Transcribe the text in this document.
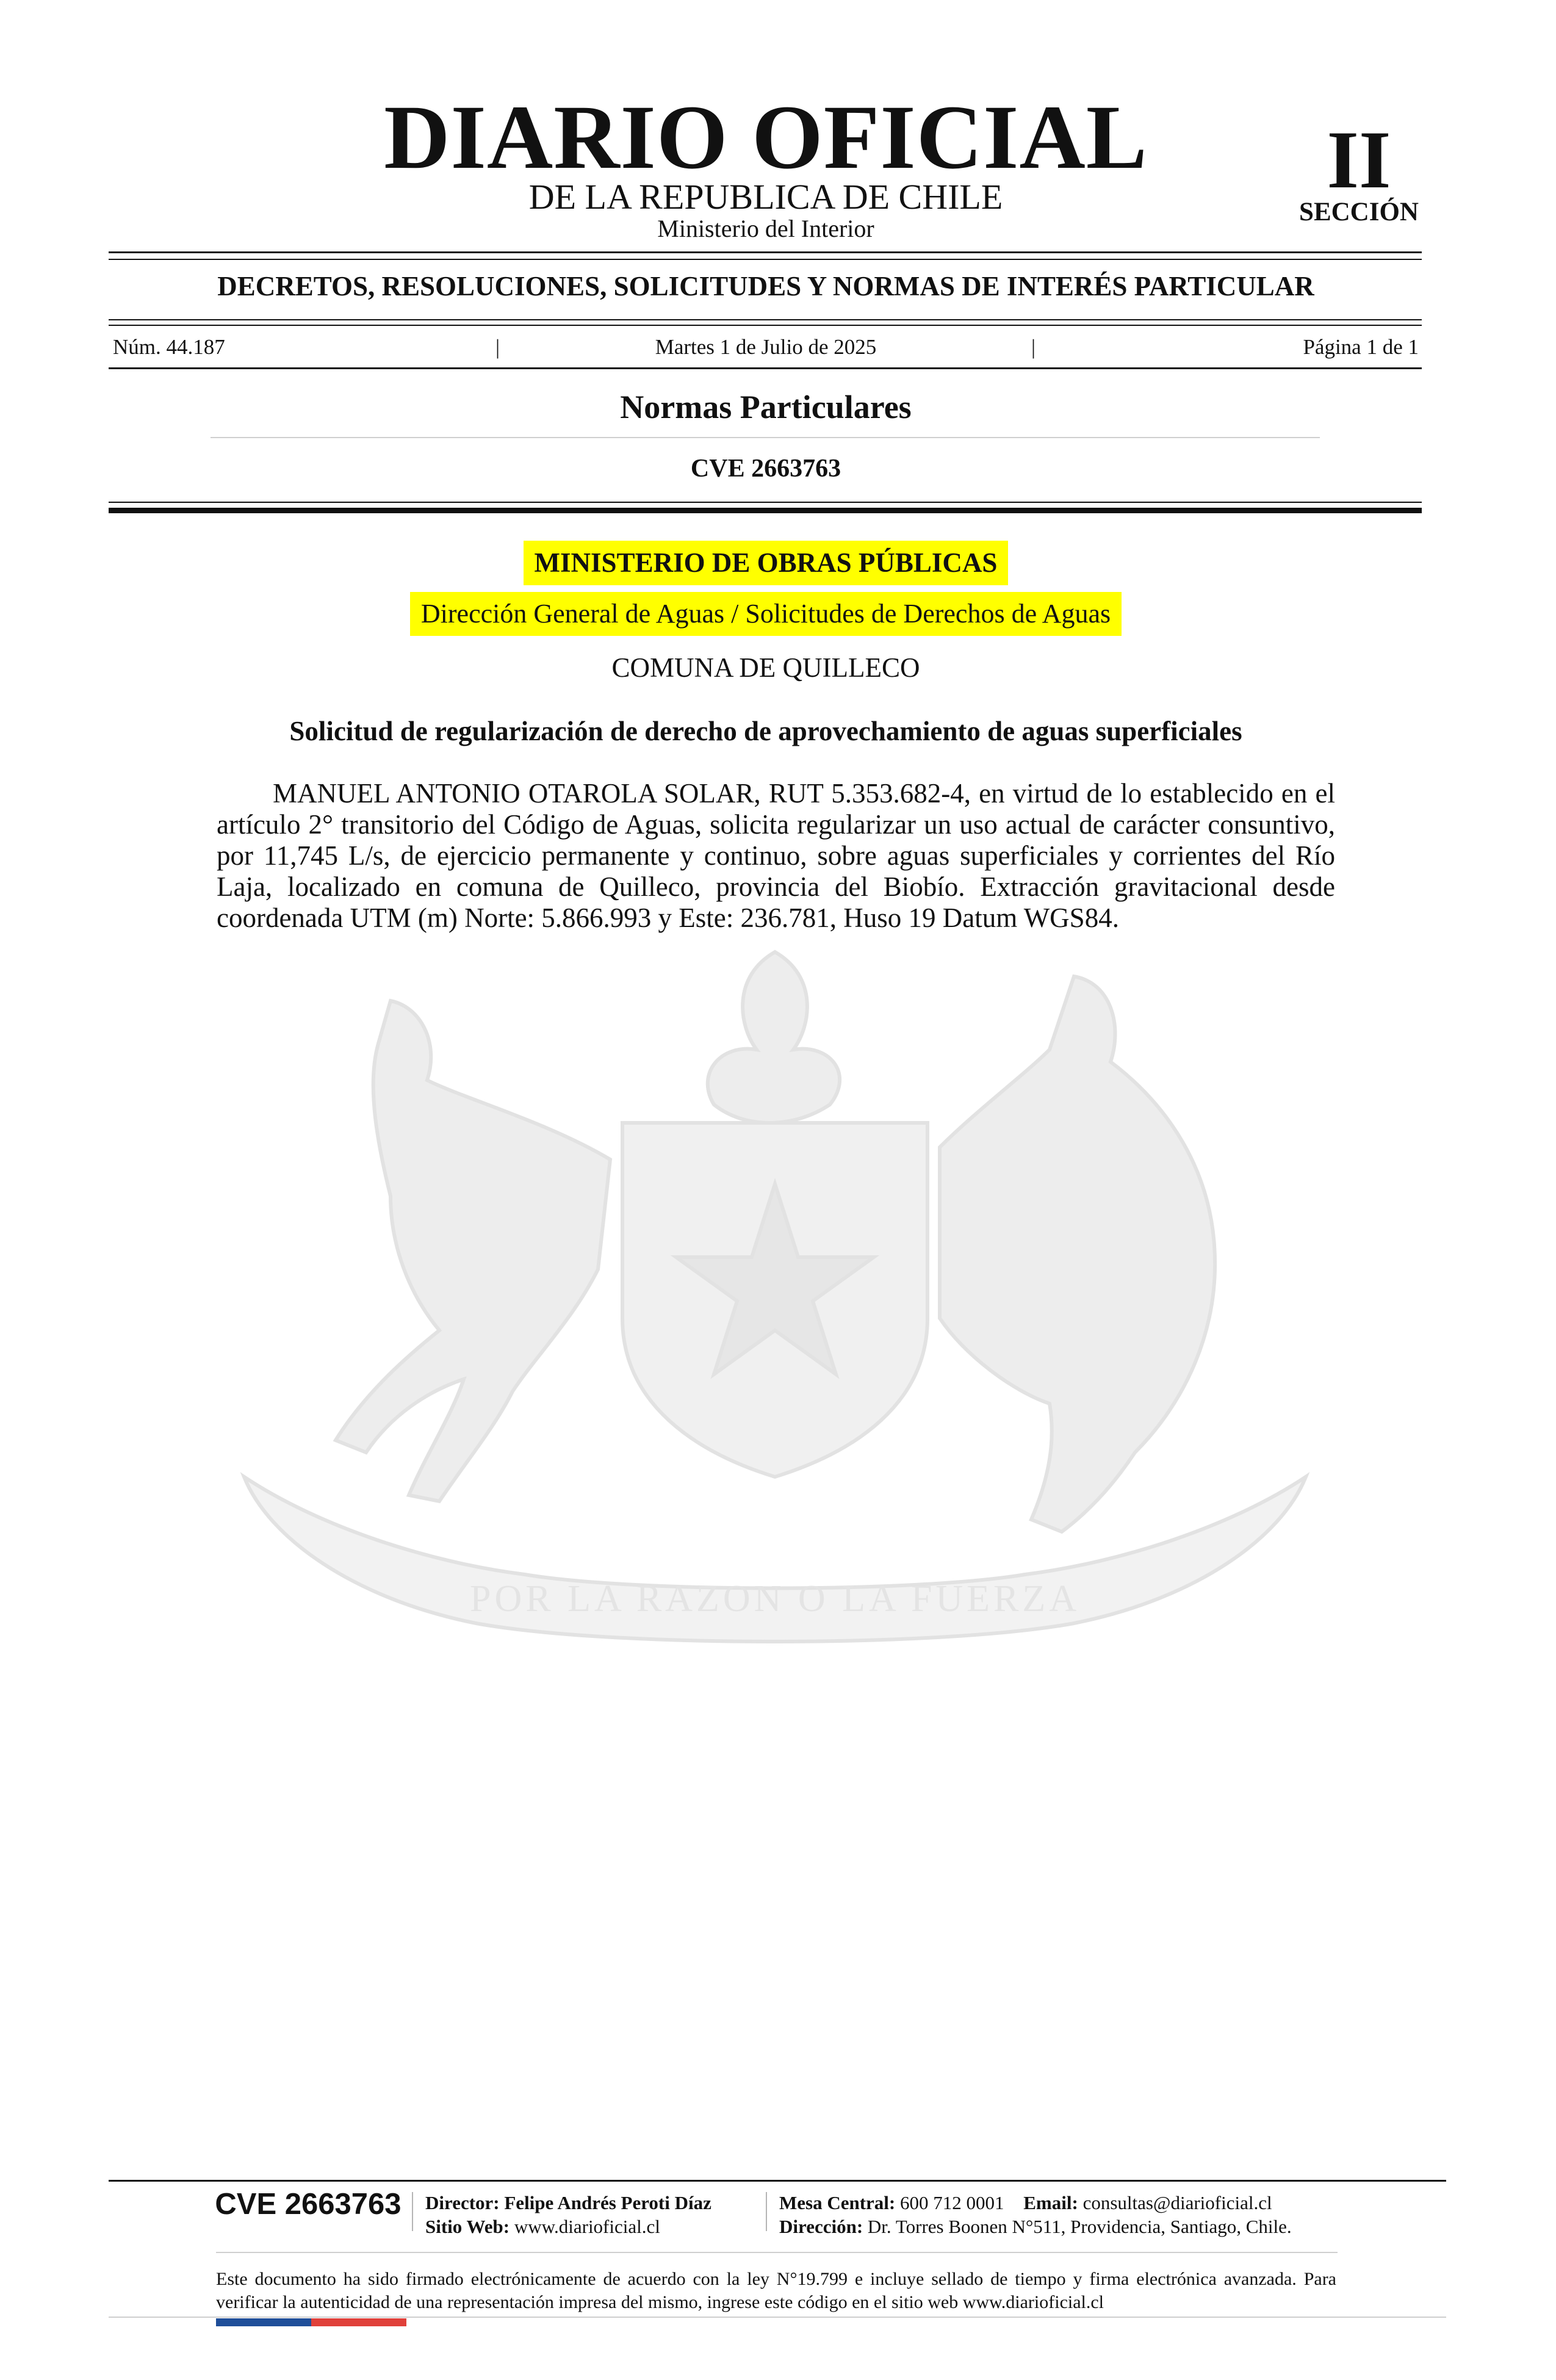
POR LA RAZON O LA FUERZA
DIARIO OFICIAL
DE LA REPUBLICA DE CHILE
Ministerio del Interior
II
SECCIÓN
DECRETOS, RESOLUCIONES, SOLICITUDES Y NORMAS DE INTERÉS PARTICULAR
Núm. 44.187	|	Martes 1 de Julio de 2025	|	Página 1 de 1
Normas Particulares
CVE 2663763
MINISTERIO DE OBRAS PÚBLICAS
Dirección General de Aguas / Solicitudes de Derechos de Aguas
COMUNA DE QUILLECO
Solicitud de regularización de derecho de aprovechamiento de aguas superficiales
MANUEL ANTONIO OTAROLA SOLAR, RUT 5.353.682-4, en virtud de lo establecido en el artículo 2° transitorio del Código de Aguas, solicita regularizar un uso actual de carácter consuntivo, por 11,745 L/s, de ejercicio permanente y continuo, sobre aguas superficiales y corrientes del Río Laja, localizado en comuna de Quilleco, provincia del Biobío. Extracción gravitacional desde coordenada UTM (m) Norte: 5.866.993 y Este: 236.781, Huso 19 Datum WGS84.
CVE 2663763	Director: Felipe Andrés Peroti Díaz
Sitio Web: www.diarioficial.cl
Mesa Central: 600 712 0001 Email: consultas@diarioficial.cl
Dirección: Dr. Torres Boonen N°511, Providencia, Santiago, Chile.
Este documento ha sido firmado electrónicamente de acuerdo con la ley N°19.799 e incluye sellado de tiempo y firma electrónica avanzada. Para verificar la autenticidad de una representación impresa del mismo, ingrese este código en el sitio web www.diarioficial.cl
